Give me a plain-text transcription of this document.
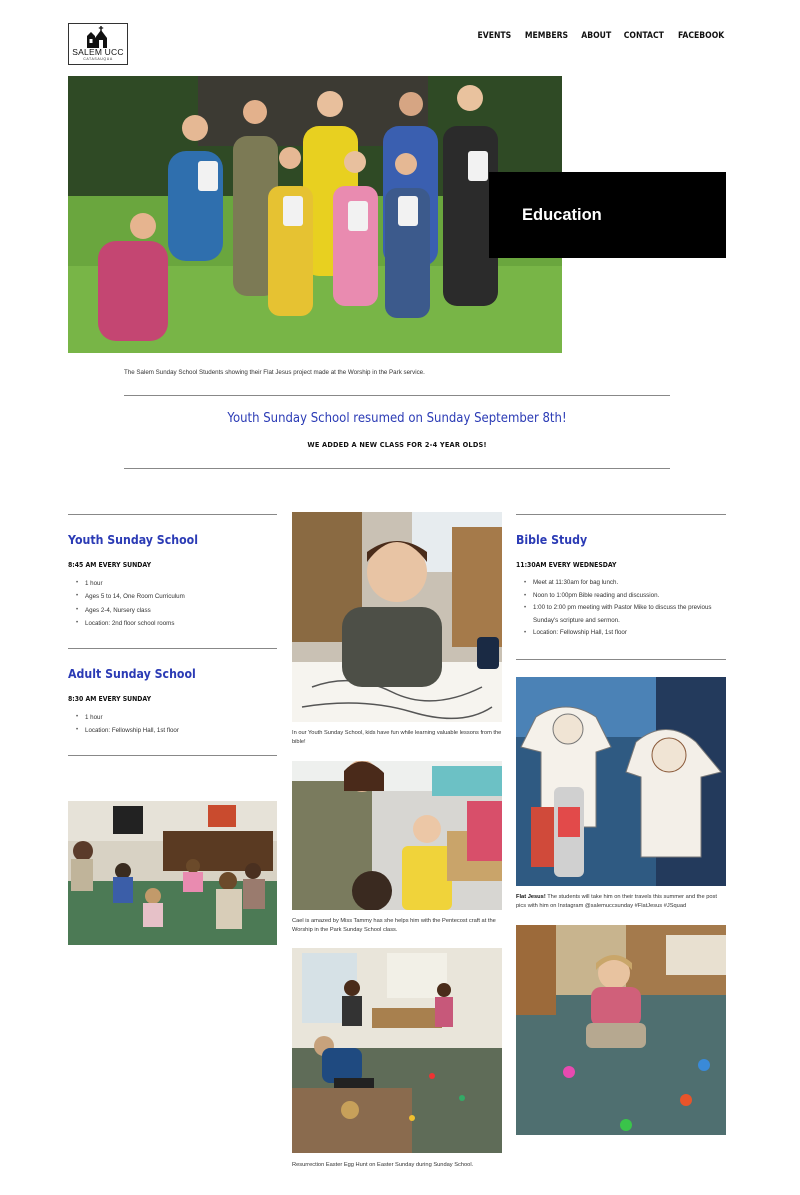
SALEM UCC
CATASAUQUA
EVENTS MEMBERS ABOUT CONTACT FACEBOOK
Education
The Salem Sunday School Students showing their Flat Jesus project made at the Worship in the Park service.
Youth Sunday School resumed on Sunday September 8th!
WE ADDED A NEW CLASS FOR 2-4 YEAR OLDS!
Youth Sunday School
8:45 AM EVERY SUNDAY
• 1 hour
• Ages 5 to 14, One Room Curriculum
• Ages 2-4, Nursery class
• Location: 2nd floor school rooms
Adult Sunday School
8:30 AM EVERY SUNDAY
• 1 hour
• Location: Fellowship Hall, 1st floor	In our Youth Sunday School, kids have fun while learning valuable lessons from the bible!
Cael is amazed by Miss Tammy has she helps him with the Pentecost craft at the Worship in the Park Sunday School class.
Resurrection Easter Egg Hunt on Easter Sunday during Sunday School.
Bible Study
11:30AM EVERY WEDNESDAY
• Meet at 11:30am for bag lunch.
• Noon to 1:00pm Bible reading and discussion.
• 1:00 to 2:00 pm meeting with Pastor Mike to discuss the previous Sunday's scripture and sermon.
• Location: Fellowship Hall, 1st floor
Flat Jesus! The students will take him on their travels this summer and the post pics with him on Instagram @salemuccsunday #FlatJesus #JSquad
